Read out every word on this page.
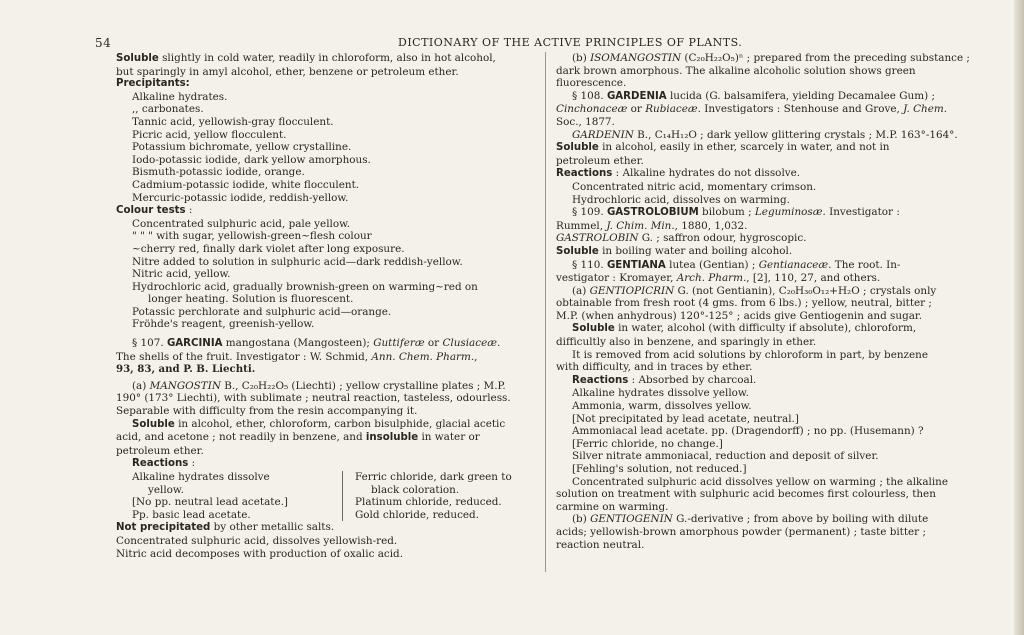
54	DICTIONARY OF THE ACTIVE PRINCIPLES OF PLANTS.

Soluble slightly in cold water, readily in chloroform, also in hot alcohol,

but sparingly in amyl alcohol, ether, benzene or petroleum ether.

Precipitants:

Alkaline hydrates.

,, carbonates.

Tannic acid, yellowish-gray flocculent.

Picric acid, yellow flocculent.

Potassium bichromate, yellow crystalline.

Iodo-potassic iodide, dark yellow amorphous.

Bismuth-potassic iodide, orange.

Cadmium-potassic iodide, white flocculent.

Mercuric-potassic iodide, reddish-yellow.

Colour tests :

Concentrated sulphuric acid, pale yellow.

" " " with sugar, yellowish-green~flesh colour

~cherry red, finally dark violet after long exposure.

Nitre added to solution in sulphuric acid—dark reddish-yellow.

Nitric acid, yellow.

Hydrochloric acid, gradually brownish-green on warming~red on

longer heating. Solution is fluorescent.

Potassic perchlorate and sulphuric acid—orange.

Fröhde's reagent, greenish-yellow.

§ 107. GARCINIA mangostana (Mangosteen); Guttiferæ or Clusiaceæ.

The shells of the fruit. Investigator : W. Schmid, Ann. Chem. Pharm.,

93, 83, and P. B. Liechti.

(a) MANGOSTIN B., C₂₀H₂₂O₅ (Liechti) ; yellow crystalline plates ; M.P.

190° (173° Liechti), with sublimate ; neutral reaction, tasteless, odourless.

Separable with difficulty from the resin accompanying it.

Soluble in alcohol, ether, chloroform, carbon bisulphide, glacial acetic

acid, and acetone ; not readily in benzene, and insoluble in water or

petroleum ether.

Reactions :

Alkaline hydrates dissolve

yellow.

[No pp. neutral lead acetate.]

Pp. basic lead acetate.

Ferric chloride, dark green to

black coloration.

Platinum chloride, reduced.

Gold chloride, reduced.

Not precipitated by other metallic salts.

Concentrated sulphuric acid, dissolves yellowish-red.

Nitric acid decomposes with production of oxalic acid.

(b) ISOMANGOSTIN (C₂₀H₂₂O₅)ⁿ ; prepared from the preceding substance ;

dark brown amorphous. The alkaline alcoholic solution shows green

fluorescence.

§ 108. GARDENIA lucida (G. balsamifera, yielding Decamalee Gum) ;

Cinchonaceæ or Rubiaceæ. Investigators : Stenhouse and Grove, J. Chem.

Soc., 1877.

GARDENIN B., C₁₄H₁₂O ; dark yellow glittering crystals ; M.P. 163°-164°.

Soluble in alcohol, easily in ether, scarcely in water, and not in

petroleum ether.

Reactions : Alkaline hydrates do not dissolve.

Concentrated nitric acid, momentary crimson.

Hydrochloric acid, dissolves on warming.

§ 109. GASTROLOBIUM bilobum ; Leguminosæ. Investigator :

Rummel, J. Chim. Min., 1880, 1,032.

GASTROLOBIN G. ; saffron odour, hygroscopic.

Soluble in boiling water and boiling alcohol.

§ 110. GENTIANA lutea (Gentian) ; Gentianaceæ. The root. In-

vestigator : Kromayer, Arch. Pharm., [2], 110, 27, and others.

(a) GENTIOPICRIN G. (not Gentianin), C₂₀H₃₀O₁₂+H₂O ; crystals only

obtainable from fresh root (4 gms. from 6 lbs.) ; yellow, neutral, bitter ;

M.P. (when anhydrous) 120°-125° ; acids give Gentiogenin and sugar.

Soluble in water, alcohol (with difficulty if absolute), chloroform,

difficultly also in benzene, and sparingly in ether.

It is removed from acid solutions by chloroform in part, by benzene

with difficulty, and in traces by ether.

Reactions : Absorbed by charcoal.

Alkaline hydrates dissolve yellow.

Ammonia, warm, dissolves yellow.

[Not precipitated by lead acetate, neutral.]

Ammoniacal lead acetate. pp. (Dragendorff) ; no pp. (Husemann) ?

[Ferric chloride, no change.]

Silver nitrate ammoniacal, reduction and deposit of silver.

[Fehling's solution, not reduced.]

Concentrated sulphuric acid dissolves yellow on warming ; the alkaline

solution on treatment with sulphuric acid becomes first colourless, then

carmine on warming.

(b) GENTIOGENIN G.-derivative ; from above by boiling with dilute

acids; yellowish-brown amorphous powder (permanent) ; taste bitter ;

reaction neutral.
